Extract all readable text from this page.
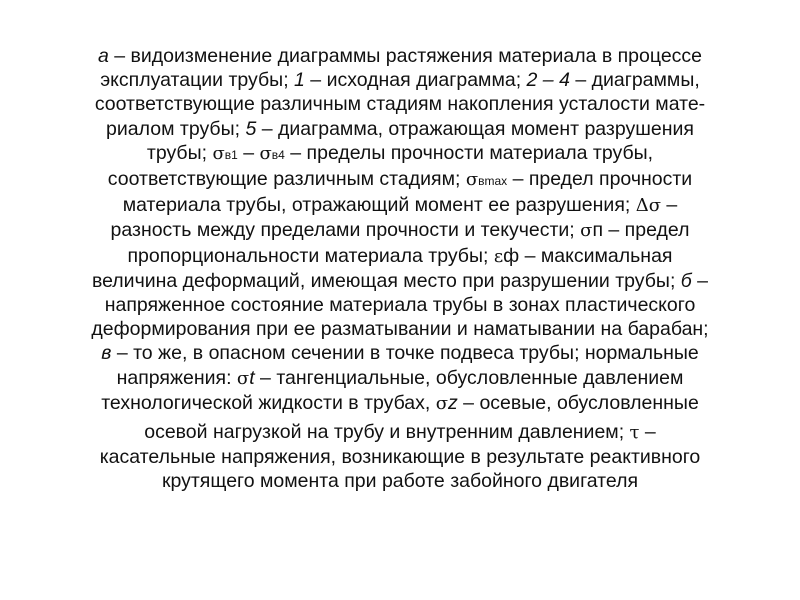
а – видоизменение диаграммы растяжения материала в процессе
эксплуатации трубы; 1 – исходная диаграмма; 2 – 4 – диаграммы,
соответствующие различным стадиям накопления усталости мате-
риалом трубы; 5 – диаграмма, отражающая момент разрушения
трубы; σв1 – σв4 – пределы прочности материала трубы,
соответствующие различным стадиям; σвmax – предел прочности
материала трубы, отражающий момент ее разрушения; Δσ –
разность между пределами прочности и текучести; σп – предел
пропорциональности материала трубы; εф – максимальная
величина деформаций, имеющая место при разрушении трубы; б –
напряженное состояние материала трубы в зонах пластического
деформирования при ее разматывании и наматывании на барабан;
в – то же, в опасном сечении в точке подвеса трубы; нормальные
напряжения: σt – тангенциальные, обусловленные давлением
технологической жидкости в трубах, σz – осевые, обусловленные
осевой нагрузкой на трубу и внутренним давлением; τ –
касательные напряжения, возникающие в результате реактивного
крутящего момента при работе забойного двигателя
